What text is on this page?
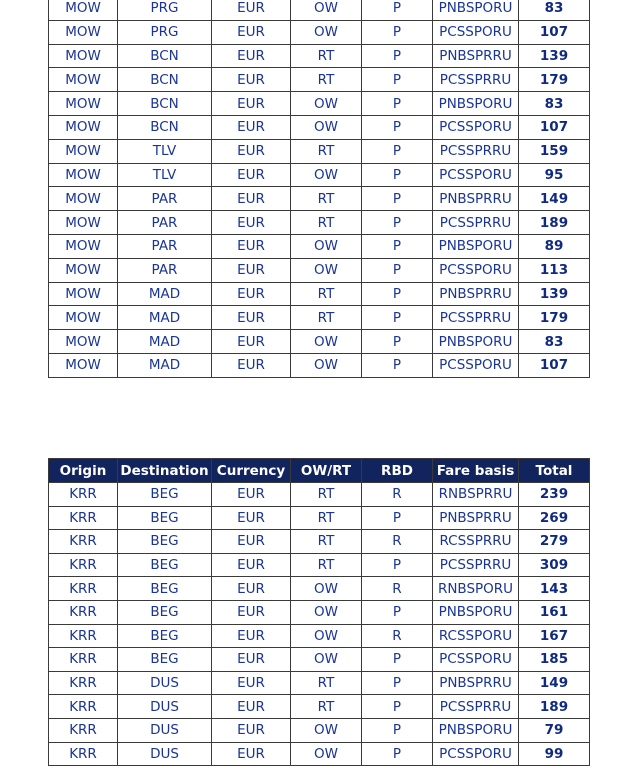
MOW	PRG	EUR	OW	P	PNBSPORU	83
MOW	PRG	EUR	OW	P	PCSSPORU	107
MOW	BCN	EUR	RT	P	PNBSPRRU	139
MOW	BCN	EUR	RT	P	PCSSPRRU	179
MOW	BCN	EUR	OW	P	PNBSPORU	83
MOW	BCN	EUR	OW	P	PCSSPORU	107
MOW	TLV	EUR	RT	P	PCSSPRRU	159
MOW	TLV	EUR	OW	P	PCSSPORU	95
MOW	PAR	EUR	RT	P	PNBSPRRU	149
MOW	PAR	EUR	RT	P	PCSSPRRU	189
MOW	PAR	EUR	OW	P	PNBSPORU	89
MOW	PAR	EUR	OW	P	PCSSPORU	113
MOW	MAD	EUR	RT	P	PNBSPRRU	139
MOW	MAD	EUR	RT	P	PCSSPRRU	179
MOW	MAD	EUR	OW	P	PNBSPORU	83
MOW	MAD	EUR	OW	P	PCSSPORU	107
Origin	Destination	Currency	OW/RT	RBD	Fare basis	Total
KRR	BEG	EUR	RT	R	RNBSPRRU	239
KRR	BEG	EUR	RT	P	PNBSPRRU	269
KRR	BEG	EUR	RT	R	RCSSPRRU	279
KRR	BEG	EUR	RT	P	PCSSPRRU	309
KRR	BEG	EUR	OW	R	RNBSPORU	143
KRR	BEG	EUR	OW	P	PNBSPORU	161
KRR	BEG	EUR	OW	R	RCSSPORU	167
KRR	BEG	EUR	OW	P	PCSSPORU	185
KRR	DUS	EUR	RT	P	PNBSPRRU	149
KRR	DUS	EUR	RT	P	PCSSPRRU	189
KRR	DUS	EUR	OW	P	PNBSPORU	79
KRR	DUS	EUR	OW	P	PCSSPORU	99
